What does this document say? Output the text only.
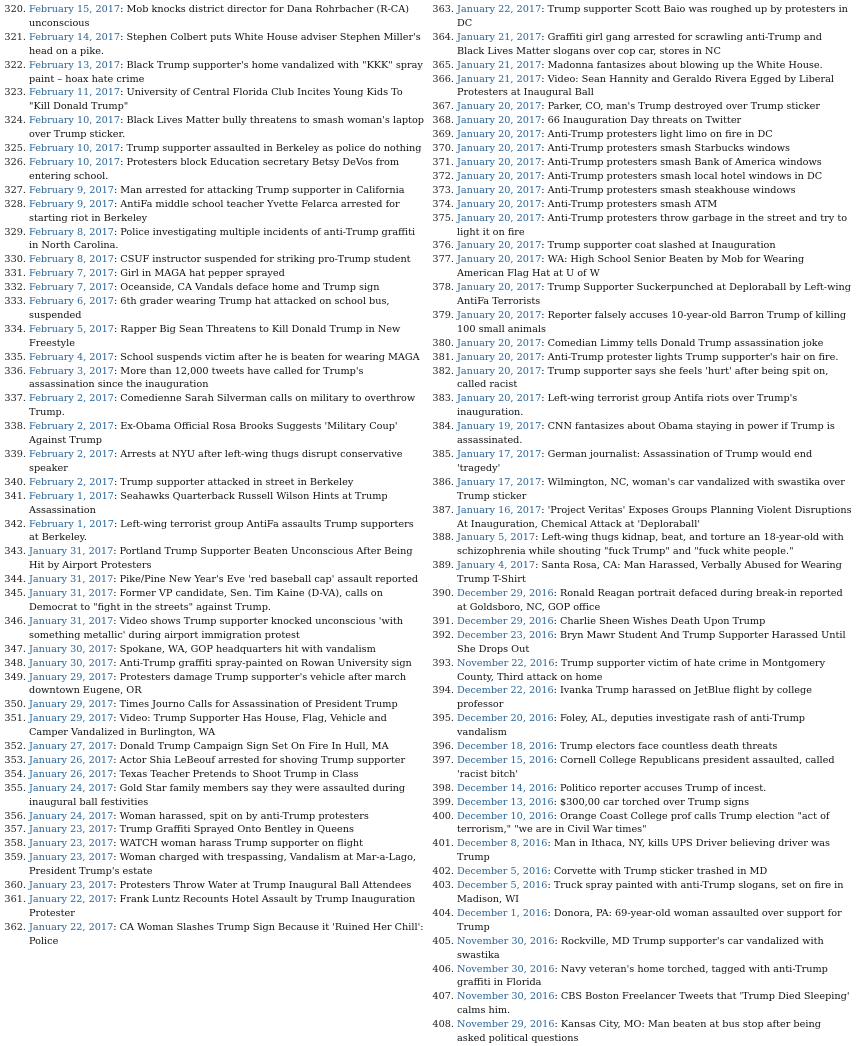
320. February 15, 2017: Mob knocks district director for Dana Rohrbacher (R-CA) unconscious
321. February 14, 2017: Stephen Colbert puts White House adviser Stephen Miller's head on a pike.
322. February 13, 2017: Black Trump supporter's home vandalized with "KKK" spray paint – hoax hate crime
323. February 11, 2017: University of Central Florida Club Incites Young Kids To "Kill Donald Trump"
324. February 10, 2017: Black Lives Matter bully threatens to smash woman's laptop over Trump sticker.
325. February 10, 2017: Trump supporter assaulted in Berkeley as police do nothing
326. February 10, 2017: Protesters block Education secretary Betsy DeVos from entering school.
327. February 9, 2017: Man arrested for attacking Trump supporter in California
328. February 9, 2017: AntiFa middle school teacher Yvette Felarca arrested for starting riot in Berkeley
329. February 8, 2017: Police investigating multiple incidents of anti-Trump graffiti in North Carolina.
330. February 8, 2017: CSUF instructor suspended for striking pro-Trump student
331. February 7, 2017: Girl in MAGA hat pepper sprayed
332. February 7, 2017: Oceanside, CA Vandals deface home and Trump sign
333. February 6, 2017: 6th grader wearing Trump hat attacked on school bus, suspended
334. February 5, 2017: Rapper Big Sean Threatens to Kill Donald Trump in New Freestyle
335. February 4, 2017: School suspends victim after he is beaten for wearing MAGA
336. February 3, 2017: More than 12,000 tweets have called for Trump's assassination since the inauguration
337. February 2, 2017: Comedienne Sarah Silverman calls on military to overthrow Trump.
338. February 2, 2017: Ex-Obama Official Rosa Brooks Suggests 'Military Coup' Against Trump
339. February 2, 2017: Arrests at NYU after left-wing thugs disrupt conservative speaker
340. February 2, 2017: Trump supporter attacked in street in Berkeley
341. February 1, 2017: Seahawks Quarterback Russell Wilson Hints at Trump Assassination
342. February 1, 2017: Left-wing terrorist group AntiFa assaults Trump supporters at Berkeley.
343. January 31, 2017: Portland Trump Supporter Beaten Unconscious After Being Hit by Airport Protesters
344. January 31, 2017: Pike/Pine New Year's Eve 'red baseball cap' assault reported
345. January 31, 2017: Former VP candidate, Sen. Tim Kaine (D-VA), calls on Democrat to "fight in the streets" against Trump.
346. January 31, 2017: Video shows Trump supporter knocked unconscious 'with something metallic' during airport immigration protest
347. January 30, 2017: Spokane, WA, GOP headquarters hit with vandalism
348. January 30, 2017: Anti-Trump graffiti spray-painted on Rowan University sign
349. January 29, 2017: Protesters damage Trump supporter's vehicle after march downtown Eugene, OR
350. January 29, 2017: Times Journo Calls for Assassination of President Trump
351. January 29, 2017: Video: Trump Supporter Has House, Flag, Vehicle and Camper Vandalized in Burlington, WA
352. January 27, 2017: Donald Trump Campaign Sign Set On Fire In Hull, MA
353. January 26, 2017: Actor Shia LeBeouf arrested for shoving Trump supporter
354. January 26, 2017: Texas Teacher Pretends to Shoot Trump in Class
355. January 24, 2017: Gold Star family members say they were assaulted during inaugural ball festivities
356. January 24, 2017: Woman harassed, spit on by anti-Trump protesters
357. January 23, 2017: Trump Graffiti Sprayed Onto Bentley in Queens
358. January 23, 2017: WATCH woman harass Trump supporter on flight
359. January 23, 2017: Woman charged with trespassing, Vandalism at Mar-a-Lago, President Trump's estate
360. January 23, 2017: Protesters Throw Water at Trump Inaugural Ball Attendees
361. January 22, 2017: Frank Luntz Recounts Hotel Assault by Trump Inauguration Protester
362. January 22, 2017: CA Woman Slashes Trump Sign Because it 'Ruined Her Chill': Police
363. January 22, 2017: Trump supporter Scott Baio was roughed up by protesters in DC
364. January 21, 2017: Graffiti girl gang arrested for scrawling anti-Trump and Black Lives Matter slogans over cop car, stores in NC
365. January 21, 2017: Madonna fantasizes about blowing up the White House.
366. January 21, 2017: Video: Sean Hannity and Geraldo Rivera Egged by Liberal Protesters at Inaugural Ball
367. January 20, 2017: Parker, CO, man's Trump destroyed over Trump sticker
368. January 20, 2017: 66 Inauguration Day threats on Twitter
369. January 20, 2017: Anti-Trump protesters light limo on fire in DC
370. January 20, 2017: Anti-Trump protesters smash Starbucks windows
371. January 20, 2017: Anti-Trump protesters smash Bank of America windows
372. January 20, 2017: Anti-Trump protesters smash local hotel windows in DC
373. January 20, 2017: Anti-Trump protesters smash steakhouse windows
374. January 20, 2017: Anti-Trump protesters smash ATM
375. January 20, 2017: Anti-Trump protesters throw garbage in the street and try to light it on fire
376. January 20, 2017: Trump supporter coat slashed at Inauguration
377. January 20, 2017: WA: High School Senior Beaten by Mob for Wearing American Flag Hat at U of W
378. January 20, 2017: Trump Supporter Suckerpunched at Deploraball by Left-wing AntiFa Terrorists
379. January 20, 2017: Reporter falsely accuses 10-year-old Barron Trump of killing 100 small animals
380. January 20, 2017: Comedian Limmy tells Donald Trump assassination joke
381. January 20, 2017: Anti-Trump protester lights Trump supporter's hair on fire.
382. January 20, 2017: Trump supporter says she feels 'hurt' after being spit on, called racist
383. January 20, 2017: Left-wing terrorist group Antifa riots over Trump's inauguration.
384. January 19, 2017: CNN fantasizes about Obama staying in power if Trump is assassinated.
385. January 17, 2017: German journalist: Assassination of Trump would end 'tragedy'
386. January 17, 2017: Wilmington, NC, woman's car vandalized with swastika over Trump sticker
387. January 16, 2017: 'Project Veritas' Exposes Groups Planning Violent Disruptions At Inauguration, Chemical Attack at 'Deploraball'
388. January 5, 2017: Left-wing thugs kidnap, beat, and torture an 18-year-old with schizophrenia while shouting "fuck Trump" and "fuck white people."
389. January 4, 2017: Santa Rosa, CA: Man Harassed, Verbally Abused for Wearing Trump T-Shirt
390. December 29, 2016: Ronald Reagan portrait defaced during break-in reported at Goldsboro, NC, GOP office
391. December 29, 2016: Charlie Sheen Wishes Death Upon Trump
392. December 23, 2016: Bryn Mawr Student And Trump Supporter Harassed Until She Drops Out
393. November 22, 2016: Trump supporter victim of hate crime in Montgomery County, Third attack on home
394. December 22, 2016: Ivanka Trump harassed on JetBlue flight by college professor
395. December 20, 2016: Foley, AL, deputies investigate rash of anti-Trump vandalism
396. December 18, 2016: Trump electors face countless death threats
397. December 15, 2016: Cornell College Republicans president assaulted, called 'racist bitch'
398. December 14, 2016: Politico reporter accuses Trump of incest.
399. December 13, 2016: $300,00 car torched over Trump signs
400. December 10, 2016: Orange Coast College prof calls Trump election "act of terrorism," "we are in Civil War times"
401. December 8, 2016: Man in Ithaca, NY, kills UPS Driver believing driver was Trump
402. December 5, 2016: Corvette with Trump sticker trashed in MD
403. December 5, 2016: Truck spray painted with anti-Trump slogans, set on fire in Madison, WI
404. December 1, 2016: Donora, PA: 69-year-old woman assaulted over support for Trump
405. November 30, 2016: Rockville, MD Trump supporter's car vandalized with swastika
406. November 30, 2016: Navy veteran's home torched, tagged with anti-Trump graffiti in Florida
407. November 30, 2016: CBS Boston Freelancer Tweets that 'Trump Died Sleeping' calms him.
408. November 29, 2016: Kansas City, MO: Man beaten at bus stop after being asked political questions
